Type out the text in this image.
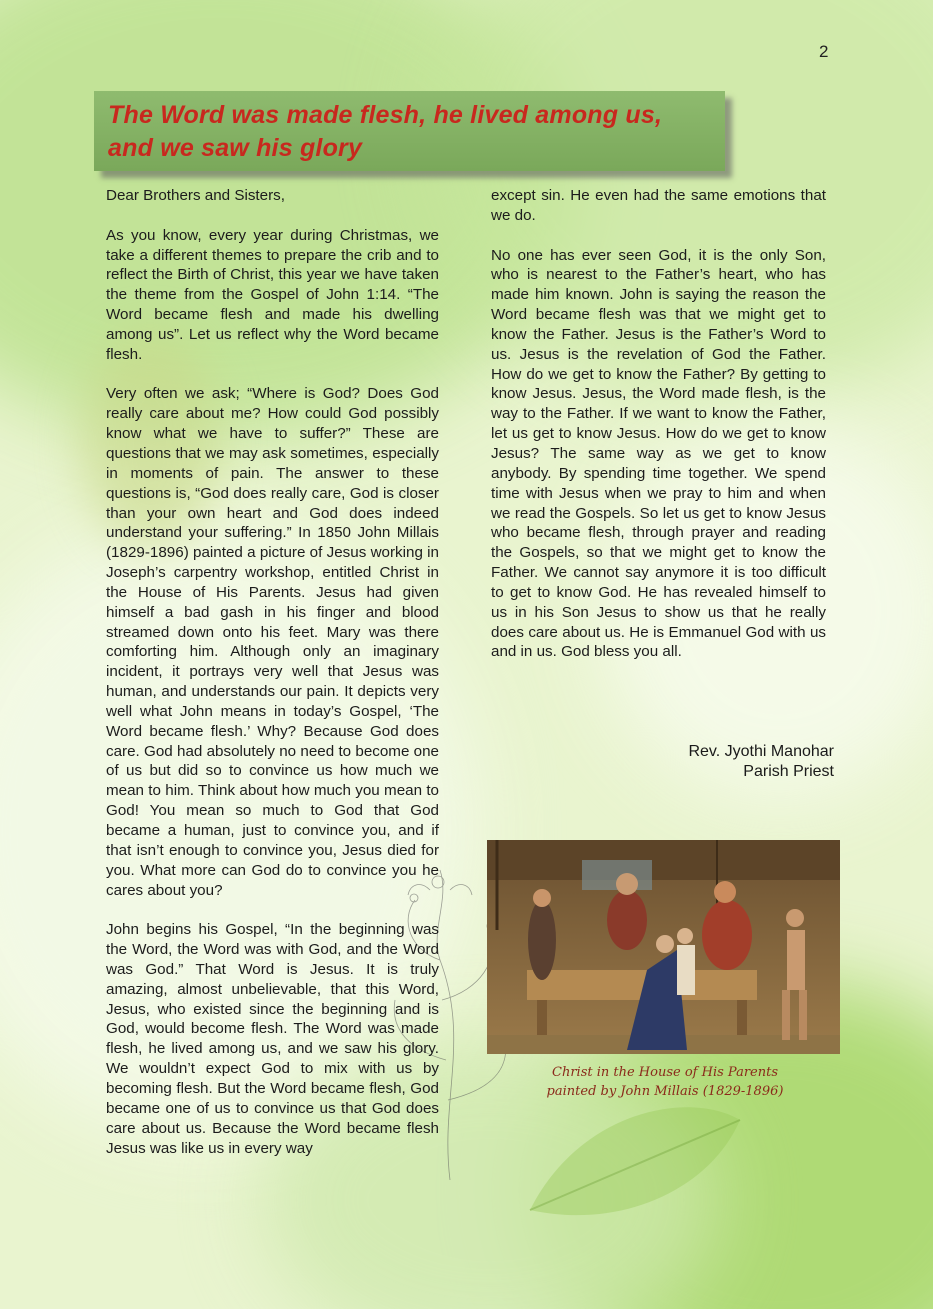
2
The Word was made flesh, he lived among us,
and we saw his glory

Dear Brothers and Sisters,

As you know, every year during Christmas, we take a different themes to prepare the crib and to reflect the Birth of Christ, this year we have taken the theme from the Gospel of John 1:14. “The Word became flesh and made his dwelling among us”. Let us reflect why the Word became flesh.

Very often we ask; “Where is God? Does God really care about me? How could God possibly know what we have to suffer?” These are questions that we may ask sometimes, especially in moments of pain. The answer to these questions is, “God does really care, God is closer than your own heart and God does indeed understand your suffering.” In 1850 John Millais (1829-1896) painted a picture of Jesus working in Joseph’s carpentry workshop, entitled Christ in the House of His Parents. Jesus had given himself a bad gash in his finger and blood streamed down onto his feet. Mary was there comforting him. Although only an imaginary incident, it portrays very well that Jesus was human, and understands our pain. It depicts very well what John means in today’s Gospel, ‘The Word became flesh.’ Why? Because God does care. God had absolutely no need to become one of us but did so to convince us how much we mean to him. Think about how much you mean to God! You mean so much to God that God became a human, just to convince you, and if that isn’t enough to convince you, Jesus died for you. What more can God do to convince you he cares about you?

John begins his Gospel, “In the beginning was the Word, the Word was with God, and the Word was God.” That Word is Jesus. It is truly amazing, almost unbelievable, that this Word, Jesus, who existed since the beginning and is God, would become flesh. The Word was made flesh, he lived among us, and we saw his glory. We wouldn’t expect God to mix with us by becoming flesh. But the Word became flesh, God became one of us to convince us that God does care about us. Because the Word became flesh Jesus was like us in every way

except sin. He even had the same emotions that we do.

No one has ever seen God, it is the only Son, who is nearest to the Father’s heart, who has made him known. John is saying the reason the Word became flesh was that we might get to know the Father. Jesus is the Father’s Word to us. Jesus is the revelation of God the Father. How do we get to know the Father? By getting to know Jesus. Jesus, the Word made flesh, is the way to the Father. If we want to know the Father, let us get to know Jesus. How do we get to know Jesus? The same way as we get to know anybody. By spending time together. We spend time with Jesus when we pray to him and when we read the Gospels. So let us get to know Jesus who became flesh, through prayer and reading the Gospels, so that we might get to know the Father. We cannot say anymore it is too difficult to get to know God. He has revealed himself to us in his Son Jesus to show us that he really does care about us. He is Emmanuel God with us and in us. God bless you all.

Rev. Jyothi Manohar
Parish Priest
Christ in the House of His Parents
painted by John Millais (1829-1896)
